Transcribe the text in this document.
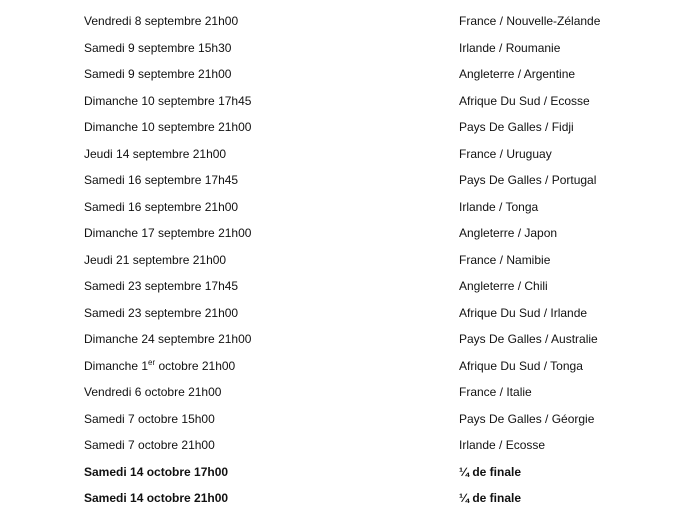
Vendredi 8 septembre 21h00	France / Nouvelle-Zélande
Samedi 9 septembre 15h30	Irlande / Roumanie
Samedi 9 septembre 21h00	Angleterre / Argentine
Dimanche 10 septembre 17h45	Afrique Du Sud / Ecosse
Dimanche 10 septembre 21h00	Pays De Galles / Fidji
Jeudi 14 septembre 21h00	France / Uruguay
Samedi 16 septembre 17h45	Pays De Galles / Portugal
Samedi 16 septembre 21h00	Irlande / Tonga
Dimanche 17 septembre 21h00	Angleterre / Japon
Jeudi 21 septembre 21h00	France / Namibie
Samedi 23 septembre 17h45	Angleterre / Chili
Samedi 23 septembre 21h00	Afrique Du Sud / Irlande
Dimanche 24 septembre 21h00	Pays De Galles / Australie
Dimanche 1er octobre 21h00	Afrique Du Sud / Tonga
Vendredi 6 octobre 21h00	France / Italie
Samedi 7 octobre 15h00	Pays De Galles / Géorgie
Samedi 7 octobre 21h00	Irlande / Ecosse
Samedi 14 octobre 17h00	¼ de finale
Samedi 14 octobre 21h00	¼ de finale
